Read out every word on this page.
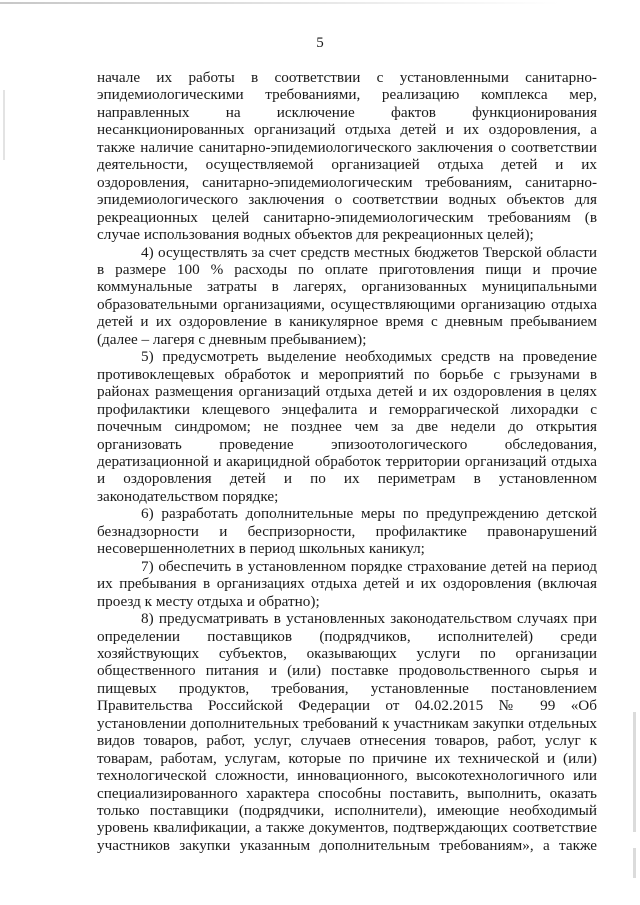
5

начале их работы в соответствии с установленными санитарно-эпидемиологическими требованиями, реализацию комплекса мер, направленных на исключение фактов функционирования несанкционированных организаций отдыха детей и их оздоровления, а также наличие санитарно-эпидемиологического заключения о соответствии деятельности, осуществляемой организацией отдыха детей и их оздоровления, санитарно-эпидемиологическим требованиям, санитарно-эпидемиологического заключения о соответствии водных объектов для рекреационных целей санитарно-эпидемиологическим требованиям (в случае использования водных объектов для рекреационных целей);

4) осуществлять за счет средств местных бюджетов Тверской области в размере 100 % расходы по оплате приготовления пищи и прочие коммунальные затраты в лагерях, организованных муниципальными образовательными организациями, осуществляющими организацию отдыха детей и их оздоровление в каникулярное время с дневным пребыванием (далее – лагеря с дневным пребыванием);

5) предусмотреть выделение необходимых средств на проведение противоклещевых обработок и мероприятий по борьбе с грызунами в районах размещения организаций отдыха детей и их оздоровления в целях профилактики клещевого энцефалита и геморрагической лихорадки с почечным синдромом; не позднее чем за две недели до открытия организовать проведение эпизоотологического обследования, дератизационной и акарицидной обработок территории организаций отдыха и оздоровления детей и по их периметрам в установленном законодательством порядке;

6) разработать дополнительные меры по предупреждению детской безнадзорности и беспризорности, профилактике правонарушений несовершеннолетних в период школьных каникул;

7) обеспечить в установленном порядке страхование детей на период их пребывания в организациях отдыха детей и их оздоровления (включая проезд к месту отдыха и обратно);

8) предусматривать в установленных законодательством случаях при определении поставщиков (подрядчиков, исполнителей) среди хозяйствующих субъектов, оказывающих услуги по организации общественного питания и (или) поставке продовольственного сырья и пищевых продуктов, требования, установленные постановлением Правительства Российской Федерации от 04.02.2015 № 99 «Об установлении дополнительных требований к участникам закупки отдельных видов товаров, работ, услуг, случаев отнесения товаров, работ, услуг к товарам, работам, услугам, которые по причине их технической и (или) технологической сложности, инновационного, высокотехнологичного или специализированного характера способны поставить, выполнить, оказать только поставщики (подрядчики, исполнители), имеющие необходимый уровень квалификации, а также документов, подтверждающих соответствие участников закупки указанным дополнительным требованиям», а также
